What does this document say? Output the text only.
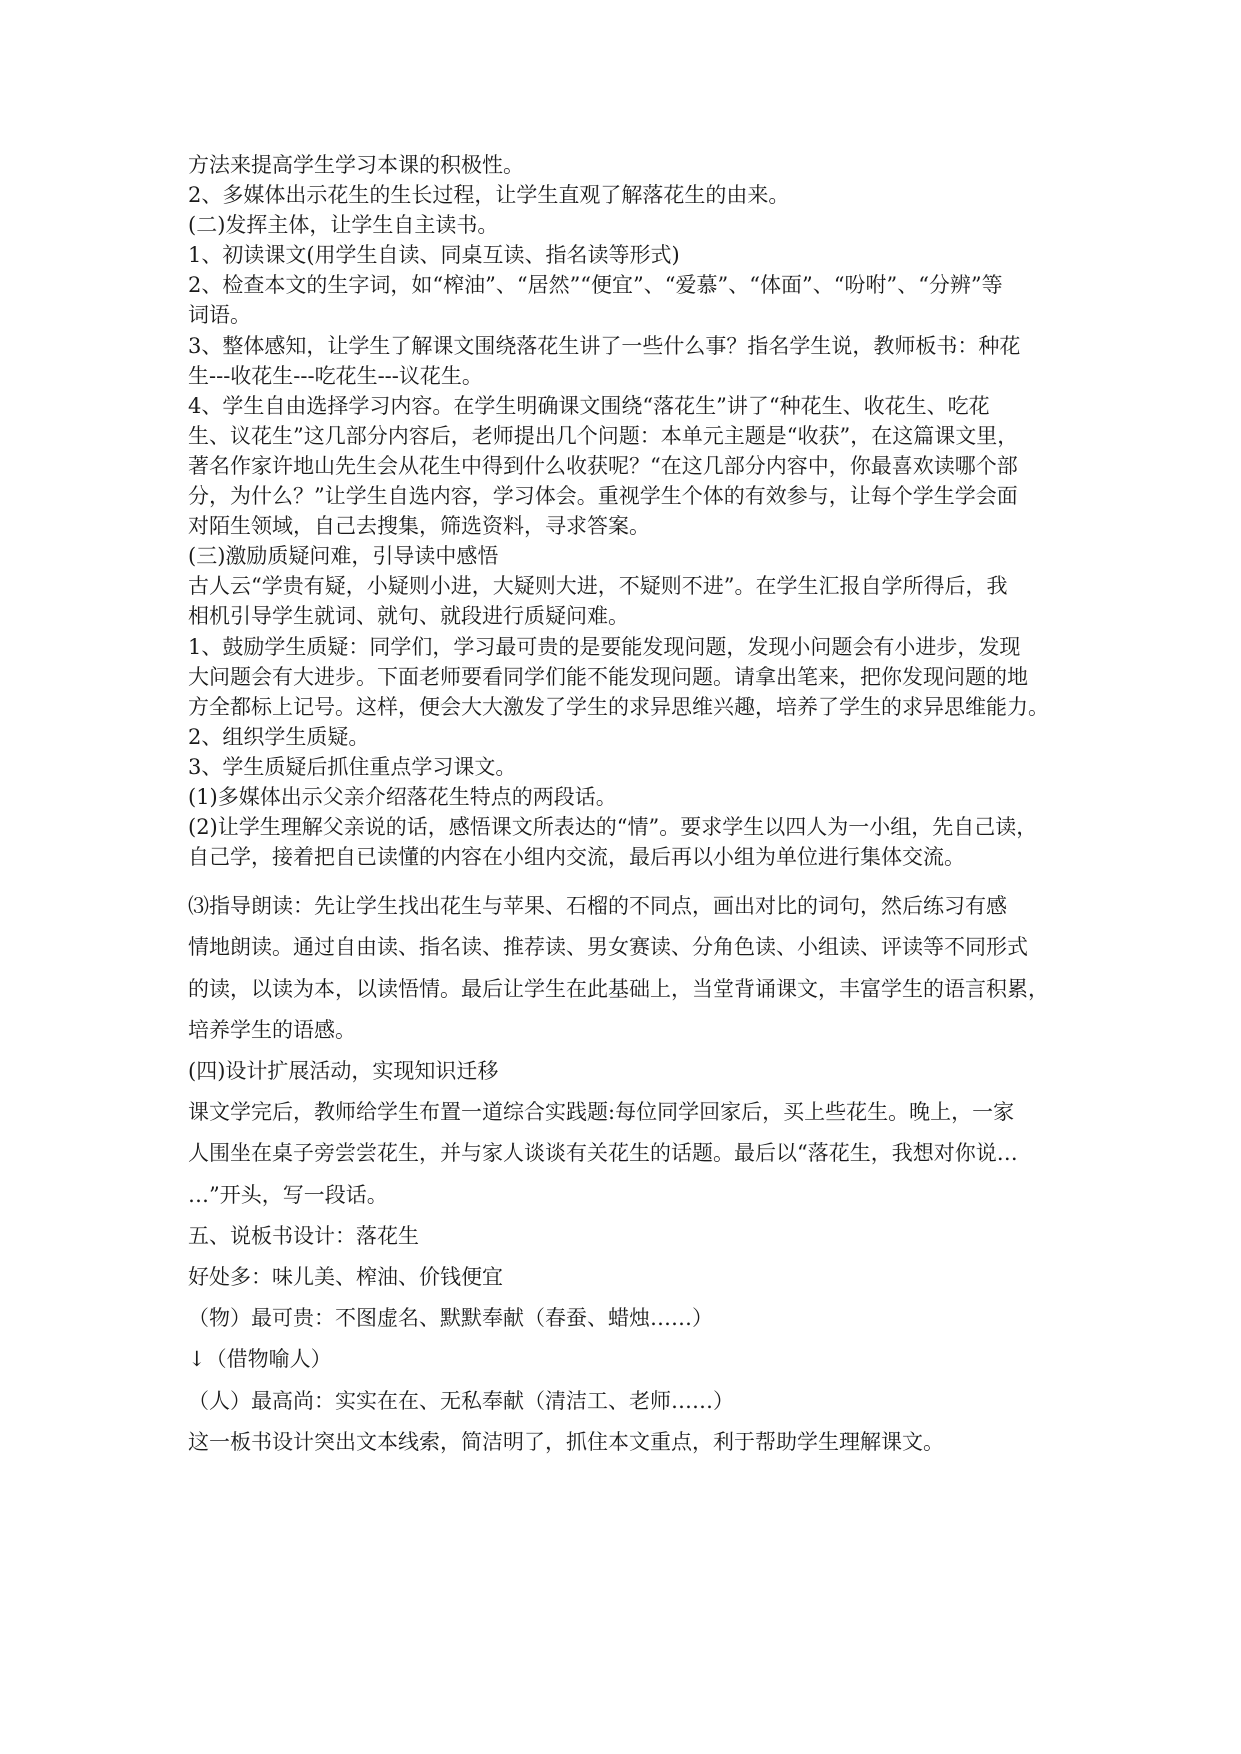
方法来提高学生学习本课的积极性。

2、多媒体出示花生的生长过程，让学生直观了解落花生的由来。

(二)发挥主体，让学生自主读书。

1、初读课文(用学生自读、同桌互读、指名读等形式)

2、检查本文的生字词，如“榨油”、“居然”“便宜”、“爱慕”、“体面”、“吩咐”、“分辨”等

词语。

3、整体感知，让学生了解课文围绕落花生讲了一些什么事？指名学生说，教师板书：种花

生---收花生---吃花生---议花生。

4、学生自由选择学习内容。在学生明确课文围绕“落花生”讲了“种花生、收花生、吃花

生、议花生”这几部分内容后，老师提出几个问题：本单元主题是“收获”，在这篇课文里，

著名作家许地山先生会从花生中得到什么收获呢？“在这几部分内容中，你最喜欢读哪个部

分，为什么？”让学生自选内容，学习体会。重视学生个体的有效参与，让每个学生学会面

对陌生领域，自己去搜集，筛选资料，寻求答案。

(三)激励质疑问难，引导读中感悟

古人云“学贵有疑，小疑则小进，大疑则大进，不疑则不进”。在学生汇报自学所得后，我

相机引导学生就词、就句、就段进行质疑问难。

1、鼓励学生质疑：同学们，学习最可贵的是要能发现问题，发现小问题会有小进步，发现

大问题会有大进步。下面老师要看同学们能不能发现问题。请拿出笔来，把你发现问题的地

方全都标上记号。这样，便会大大激发了学生的求异思维兴趣，培养了学生的求异思维能力。

2、组织学生质疑。

3、学生质疑后抓住重点学习课文。

(1)多媒体出示父亲介绍落花生特点的两段话。

(2)让学生理解父亲说的话，感悟课文所表达的“情”。要求学生以四人为一小组，先自己读，

自己学，接着把自已读懂的内容在小组内交流，最后再以小组为单位进行集体交流。

⑶指导朗读：先让学生找出花生与苹果、石榴的不同点，画出对比的词句，然后练习有感

情地朗读。通过自由读、指名读、推荐读、男女赛读、分角色读、小组读、评读等不同形式

的读，以读为本，以读悟情。最后让学生在此基础上，当堂背诵课文，丰富学生的语言积累，

培养学生的语感。

(四)设计扩展活动，实现知识迁移

课文学完后，教师给学生布置一道综合实践题:每位同学回家后，买上些花生。晚上，一家

人围坐在桌子旁尝尝花生，并与家人谈谈有关花生的话题。最后以“落花生，我想对你说…

…”开头，写一段话。

五、说板书设计：落花生

好处多：味儿美、榨油、价钱便宜

（物）最可贵：不图虚名、默默奉献（春蚕、蜡烛……）

↓（借物喻人）

（人）最高尚：实实在在、无私奉献（清洁工、老师……）

这一板书设计突出文本线索，简洁明了，抓住本文重点，利于帮助学生理解课文。
